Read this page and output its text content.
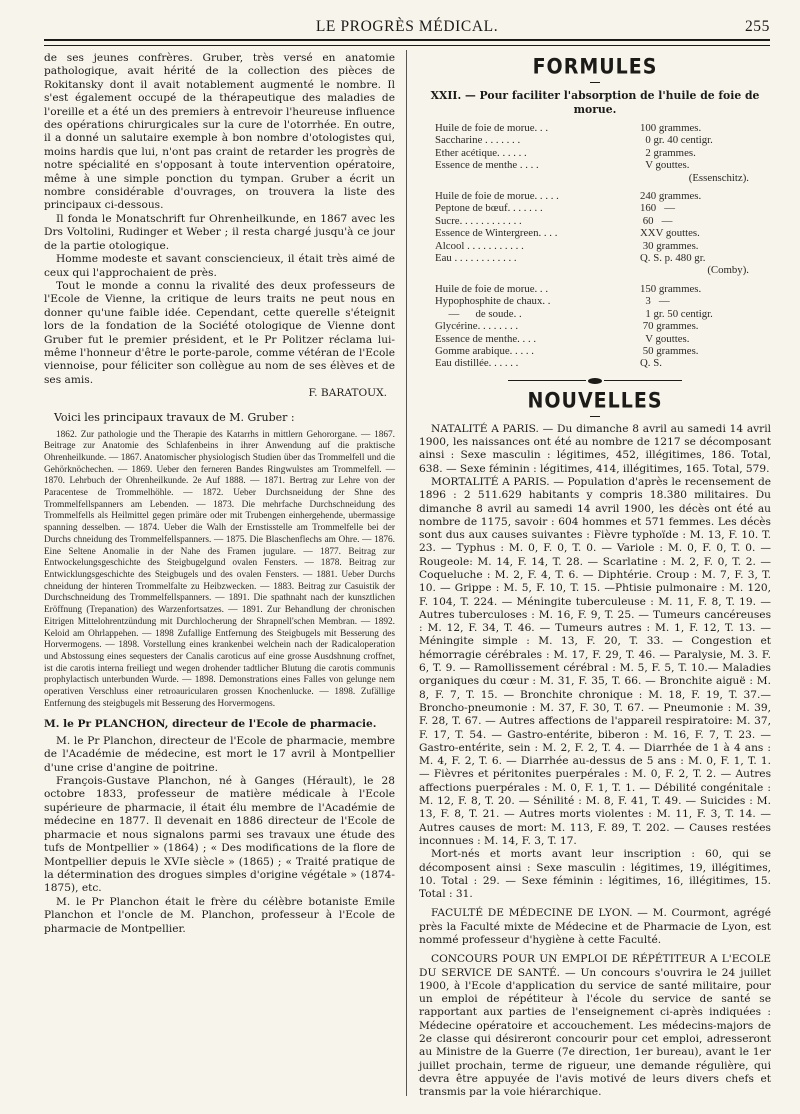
LE PROGRÈS MÉDICAL.	255

de ses jeunes confrères. Gruber, très versé en anatomie pathologique, avait hérité de la collection des pièces de Rokitansky dont il avait notablement augmenté le nombre. Il s'est également occupé de la thérapeutique des maladies de l'oreille et a été un des premiers à entrevoir l'heureuse influence des opérations chirurgicales sur la cure de l'otorrhée. En outre, il a donné un salutaire exemple à bon nombre d'otologistes qui, moins hardis que lui, n'ont pas craint de retarder les progrès de notre spécialité en s'opposant à toute intervention opératoire, même à une simple ponction du tympan. Gruber a écrit un nombre considérable d'ouvrages, on trouvera la liste des principaux ci-dessous.

Il fonda le Monatschrift fur Ohrenheilkunde, en 1867 avec les Drs Voltolini, Rudinger et Weber ; il resta chargé jusqu'à ce jour de la partie otologique.

Homme modeste et savant consciencieux, il était très aimé de ceux qui l'approchaient de près.

Tout le monde a connu la rivalité des deux professeurs de l'Ecole de Vienne, la critique de leurs traits ne peut nous en donner qu'une faible idée. Cependant, cette querelle s'éteignit lors de la fondation de la Société otologique de Vienne dont Gruber fut le premier président, et le Pr Politzer réclama lui-même l'honneur d'être le porte-parole, comme vétéran de l'Ecole viennoise, pour féliciter son collègue au nom de ses élèves et de ses amis.

F. BARATOUX.
Voici les principaux travaux de M. Gruber :

1862. Zur pathologie und the Therapie des Katarrhs in mittlern Gehororgane. — 1867. Beitrage zur Anatomie des Schlafenbeins in ihrer Anwendung auf die praktische Ohrenheilkunde. — 1867. Anatomischer physiologisch Studien über das Trommelfell und die Gehörknöchechen. — 1869. Ueber den ferneren Bandes Ringwulstes am Trommelfell. — 1870. Lehrbuch der Ohrenheilkunde. 2e Auf 1888. — 1871. Bertrag zur Lehre von der Paracentese de Trommelhöhle. — 1872. Ueber Durchsneidung der Shne des Trommelfellspanners am Lebenden. — 1873. Die mehrfache Durchschneidung des Trommelfells als Heilmittel gegen primäre oder mit Trubengen einhergehende, ubermassige spanning desselben. — 1874. Ueber die Walh der Ernstisstelle am Trommelfelle bei der Durchs chneidung des Trommelfellspanners. — 1875. Die Blaschenflechs am Ohre. — 1876. Eine Seltene Anomalie in der Nahe des Framen jugulare. — 1877. Beitrag zur Entwockelungsgeschichte des Steigbugelgund ovalen Fensters. — 1878. Beitrag zur Entwicklungsgeschichte des Steigbugels und des ovalen Fensters. — 1881. Ueber Durchs chneidung der hinteren Trommelfalte zu Heibzwecken. — 1883. Beitrag zur Casuistik der Durchschneidung des Trommelfellspanners. — 1891. Die spathnaht nach der kunsztlichen Eröffnung (Trepanation) des Warzenfortsatzes. — 1891. Zur Behandlung der chronischen Eitrigen Mittelohrentzündung mit Durchlocherung der Shrapnell'schen Membran. — 1892. Keloid am Ohrlappehen. — 1898 Zufallige Entfernung des Steigbugels mit Besserung des Horvermogens. — 1898. Vorstellung eines krankenbei welchein nach der Radicaloperation und Abstossung eines sequesters der Canalis caroticus auf eine grosse Ausdshnung croffnet, ist die carotis interna freiliegt und wegen drohender tadtlicher Blutung die carotis communis prophylactisch unterbunden Wurde. — 1898. Demonstrations eines Falles von gelunge nem operativen Verschluss einer retroauricularen grossen Knochenlucke. — 1898. Zufällige Entfernung des steigbugels mit Besserung des Horvermogens.

M. le Pr PLANCHON, directeur de l'Ecole de pharmacie.

M. le Pr Planchon, directeur de l'Ecole de pharmacie, membre de l'Académie de médecine, est mort le 17 avril à Montpellier d'une crise d'angine de poitrine.

François-Gustave Planchon, né à Ganges (Hérault), le 28 octobre 1833, professeur de matière médicale à l'Ecole supérieure de pharmacie, il était élu membre de l'Académie de médecine en 1877. Il devenait en 1886 directeur de l'Ecole de pharmacie et nous signalons parmi ses travaux une étude des tufs de Montpellier » (1864) ; « Des modifications de la flore de Montpellier depuis le XVIe siècle » (1865) ; « Traité pratique de la détermination des drogues simples d'origine végétale » (1874-1875), etc.

M. le Pr Planchon était le frère du célèbre botaniste Emile Planchon et l'oncle de M. Planchon, professeur à l'Ecole de pharmacie de Montpellier.

FORMULES
XXII. — Pour faciliter l'absorption de l'huile de foie de morue.
Huile de foie de morue. . .	100 grammes.
Saccharine . . . . . . .	0 gr. 40 centigr.
Ether acétique. . . . . .	2 grammes.
Essence de menthe . . . .	V gouttes.
(Essenschitz).
Huile de foie de morue. . . . .	240 grammes.
Peptone de bœuf. . . . . . .	160   —
Sucre. . . . . . . . . . . .	60   —
Essence de Wintergreen. . . .	XXV gouttes.
Alcool . . . . . . . . . . .	30 grammes.
Eau . . . . . . . . . . . .	Q. S. p. 480 gr.
(Comby).
Huile de foie de morue. . .	150 grammes.
Hypophosphite de chaux. .	3   —
—      de soude. .	1 gr. 50 centigr.
Glycérine. . . . . . . .	70 grammes.
Essence de menthe. . . .	V gouttes.
Gomme arabique. . . . .	50 grammes.
Eau distillée. . . . . .	Q. S.
NOUVELLES

NATALITÉ A PARIS. — Du dimanche 8 avril au samedi 14 avril 1900, les naissances ont été au nombre de 1217 se décomposant ainsi : Sexe masculin : légitimes, 452, illégitimes, 186. Total, 638. — Sexe féminin : légitimes, 414, illégitimes, 165. Total, 579.

MORTALITÉ A PARIS. — Population d'après le recensement de 1896 : 2 511.629 habitants y compris 18.380 militaires. Du dimanche 8 avril au samedi 14 avril 1900, les décès ont été au nombre de 1175, savoir : 604 hommes et 571 femmes. Les décès sont dus aux causes suivantes : Fièvre typhoïde : M. 13, F. 10. T. 23. — Typhus : M. 0, F. 0, T. 0. — Variole : M. 0, F. 0, T. 0. — Rougeole: M. 14, F. 14, T. 28. — Scarlatine : M. 2, F. 0, T. 2. — Coqueluche : M. 2, F. 4, T. 6. — Diphtérie. Croup : M. 7, F. 3, T. 10. — Grippe : M. 5, F. 10, T. 15. —Phtisie pulmonaire : M. 120, F. 104, T. 224. — Méningite tuberculeuse : M. 11, F. 8, T. 19. — Autres tuberculoses : M. 16, F. 9, T. 25. — Tumeurs cancéreuses : M. 12, F. 34, T. 46. — Tumeurs autres : M. 1, F. 12, T. 13. — Méningite simple : M. 13, F. 20, T. 33. — Congestion et hémorragie cérébrales : M. 17, F. 29, T. 46. — Paralysie, M. 3. F. 6, T. 9. — Ramollissement cérébral : M. 5, F. 5, T. 10.— Maladies organiques du cœur : M. 31, F. 35, T. 66. — Bronchite aiguë : M. 8, F. 7, T. 15. — Bronchite chronique : M. 18, F. 19, T. 37.— Broncho-pneumonie : M. 37, F. 30, T. 67. — Pneumonie : M. 39, F. 28, T. 67. — Autres affections de l'appareil respiratoire: M. 37, F. 17, T. 54. — Gastro-entérite, biberon : M. 16, F. 7, T. 23. — Gastro-entérite, sein : M. 2, F. 2, T. 4. — Diarrhée de 1 à 4 ans : M. 4, F. 2, T. 6. — Diarrhée au-dessus de 5 ans : M. 0, F. 1, T. 1. — Fièvres et péritonites puerpérales : M. 0, F. 2, T. 2. — Autres affections puerpérales : M. 0, F. 1, T. 1. — Débilité congénitale : M. 12, F. 8, T. 20. — Sénilité : M. 8, F. 41, T. 49. — Suicides : M. 13, F. 8, T. 21. — Autres morts violentes : M. 11, F. 3, T. 14. — Autres causes de mort: M. 113, F. 89, T. 202. — Causes restées inconnues : M. 14, F. 3, T. 17.

Mort-nés et morts avant leur inscription : 60, qui se décomposent ainsi : Sexe masculin : légitimes, 19, illégitimes, 10. Total : 29. — Sexe féminin : légitimes, 16, illégitimes, 15. Total : 31.

FACULTÉ DE MÉDECINE DE LYON. — M. Courmont, agrégé près la Faculté mixte de Médecine et de Pharmacie de Lyon, est nommé professeur d'hygiène à cette Faculté.

CONCOURS POUR UN EMPLOI DE RÉPÉTITEUR A L'ECOLE DU SERVICE DE SANTÉ. — Un concours s'ouvrira le 24 juillet 1900, à l'Ecole d'application du service de santé militaire, pour un emploi de répétiteur à l'école du service de santé se rapportant aux parties de l'enseignement ci-après indiquées : Médecine opératoire et accouchement. Les médecins-majors de 2e classe qui désireront concourir pour cet emploi, adresseront au Ministre de la Guerre (7e direction, 1er bureau), avant le 1er juillet prochain, terme de rigueur, une demande régulière, qui devra être appuyée de l'avis motivé de leurs divers chefs et transmis par la voie hiérarchique.
